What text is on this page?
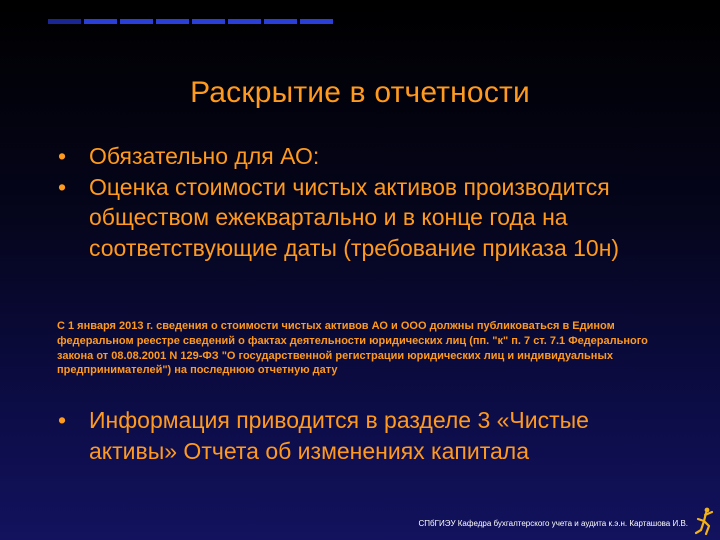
Раскрытие в отчетности
• Обязательно для АО:
• Оценка стоимости чистых активов производится обществом ежеквартально и в конце года на соответствующие даты (требование приказа 10н)
С 1 января 2013 г. сведения о стоимости чистых активов АО и ООО должны публиковаться в Едином федеральном реестре сведений о фактах деятельности юридических лиц (пп. "к" п. 7 ст. 7.1 Федерального закона от 08.08.2001 N 129-ФЗ "О государственной регистрации юридических лиц и индивидуальных предпринимателей") на последнюю отчетную дату
• Информация приводится в разделе 3 «Чистые активы» Отчета об изменениях капитала
СПбГИЭУ Кафедра бухгалтерского учета и аудита к.э.н. Карташова И.В.
